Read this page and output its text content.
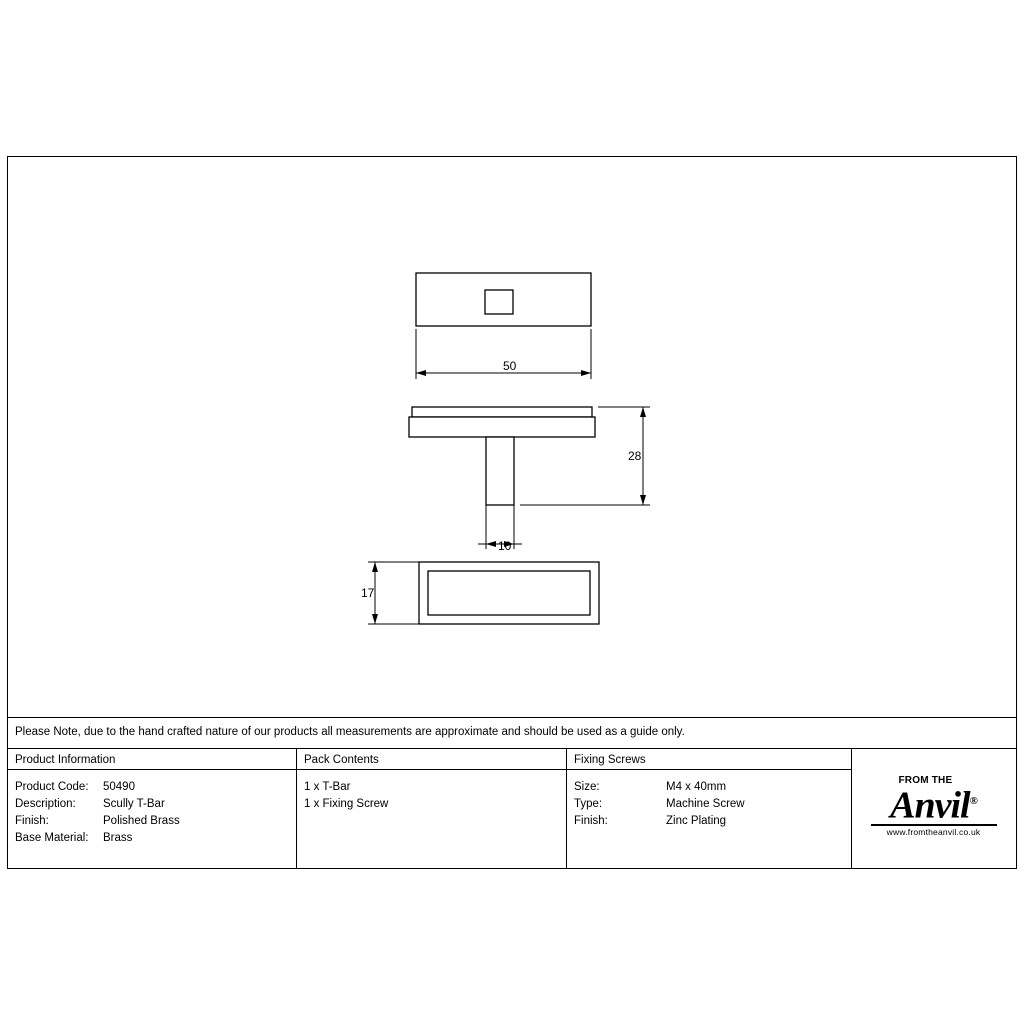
50
28
10
17
Please Note, due to the hand crafted nature of our products all measurements are approximate and should be used as a guide only.
Product Information
Product Code:	50490
Description:	Scully T-Bar
Finish:	Polished Brass
Base Material:	Brass
Pack Contents
1 x T-Bar
1 x Fixing Screw
Fixing Screws
Size:	M4 x 40mm
Type:	Machine Screw
Finish:	Zinc Plating
FROM THE
Anvil®
www.fromtheanvil.co.uk
